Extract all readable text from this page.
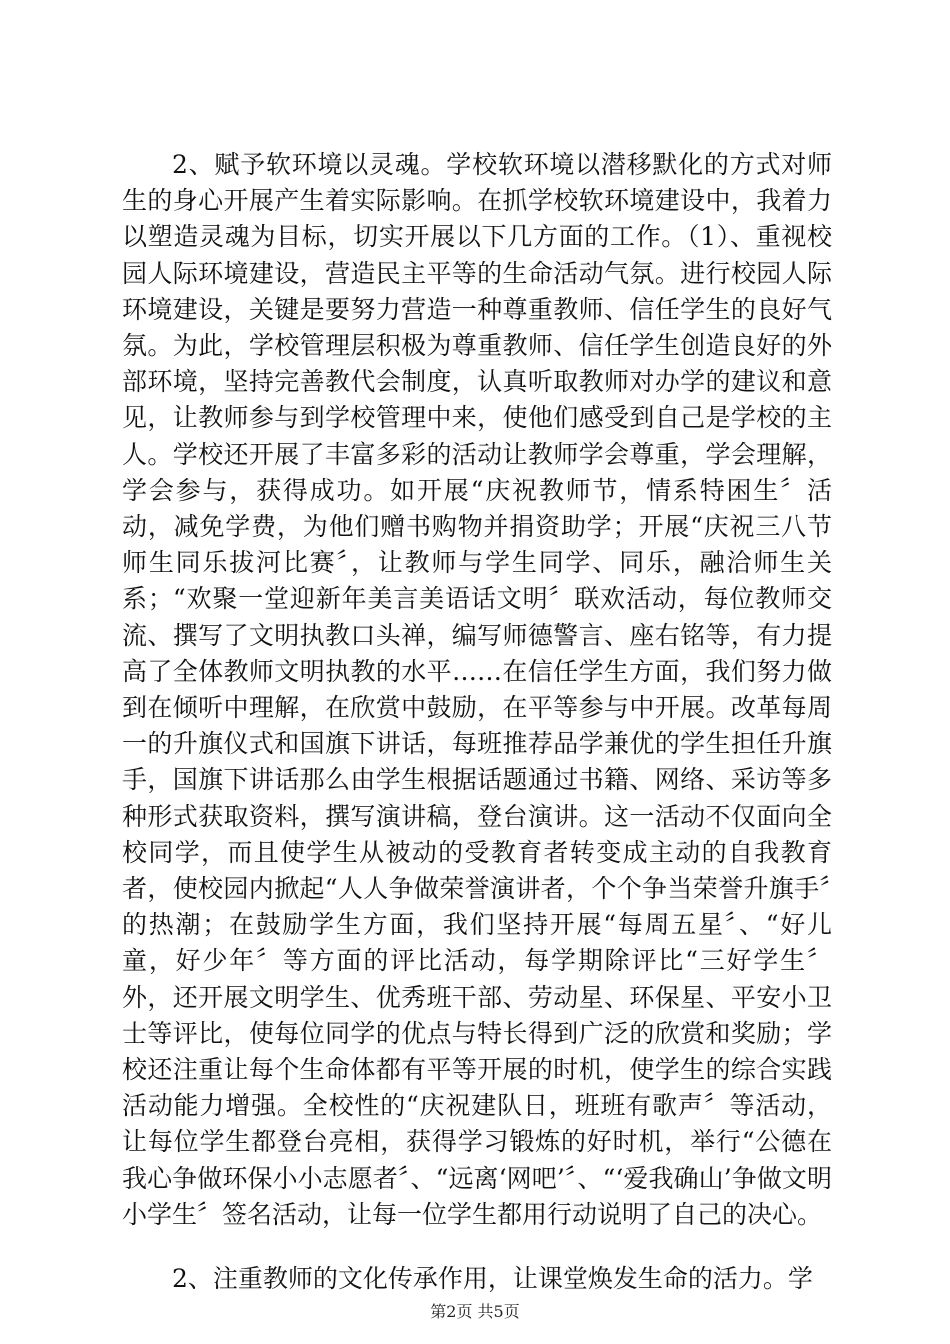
2、赋予软环境以灵魂。学校软环境以潜移默化的方式对师生的身心开展产生着实际影响。在抓学校软环境建设中，我着力以塑造灵魂为目标，切实开展以下几方面的工作。（1）、重视校园人际环境建设，营造民主平等的生命活动气氛。进行校园人际环境建设，关键是要努力营造一种尊重教师、信任学生的良好气氛。为此，学校管理层积极为尊重教师、信任学生创造良好的外部环境，坚持完善教代会制度，认真听取教师对办学的建议和意见，让教师参与到学校管理中来，使他们感受到自己是学校的主人。学校还开展了丰富多彩的活动让教师学会尊重，学会理解，学会参与，获得成功。如开展“庆祝教师节，情系特困生〞活动，减免学费，为他们赠书购物并捐资助学；开展“庆祝三八节师生同乐拔河比赛〞，让教师与学生同学、同乐，融洽师生关系；“欢聚一堂迎新年美言美语话文明〞联欢活动，每位教师交流、撰写了文明执教口头禅，编写师德警言、座右铭等，有力提高了全体教师文明执教的水平……在信任学生方面，我们努力做到在倾听中理解，在欣赏中鼓励，在平等参与中开展。改革每周一的升旗仪式和国旗下讲话，每班推荐品学兼优的学生担任升旗手，国旗下讲话那么由学生根据话题通过书籍、网络、采访等多种形式获取资料，撰写演讲稿，登台演讲。这一活动不仅面向全校同学，而且使学生从被动的受教育者转变成主动的自我教育者，使校园内掀起“人人争做荣誉演讲者，个个争当荣誉升旗手〞的热潮；在鼓励学生方面，我们坚持开展“每周五星〞、“好儿童，好少年〞等方面的评比活动，每学期除评比“三好学生〞外，还开展文明学生、优秀班干部、劳动星、环保星、平安小卫士等评比，使每位同学的优点与特长得到广泛的欣赏和奖励；学校还注重让每个生命体都有平等开展的时机，使学生的综合实践活动能力增强。全校性的“庆祝建队日，班班有歌声〞等活动，让每位学生都登台亮相，获得学习锻炼的好时机，举行“公德在我心争做环保小小志愿者〞、“远离‘网吧’〞、“‘爱我确山’争做文明小学生〞签名活动，让每一位学生都用行动说明了自己的决心。

2、注重教师的文化传承作用，让课堂焕发生命的活力。学

第2页 共5页
